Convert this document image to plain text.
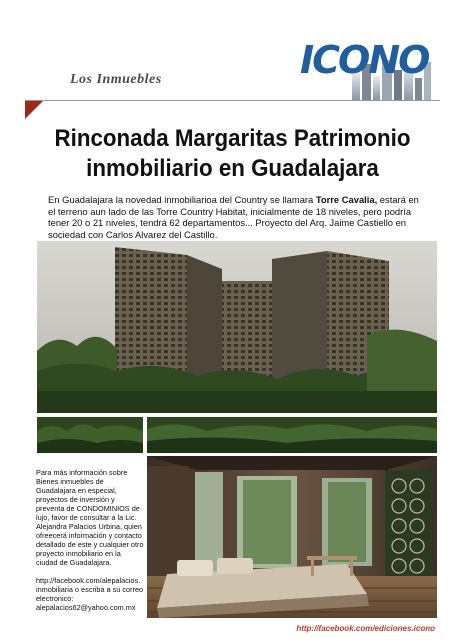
Los Inmuebles	ICONO
Rinconada Margaritas Patrimonio
inmobiliario en Guadalajara
En Guadalajara la novedad inmobiliarioa del Country se llamara Torre Cavalia, estará en el terreno aun lado de las Torre Country Habitat, inicialmente de 18 niveles, pero podría tener 20 o 21 niveles, tendrá 62 departamentos... Proyecto del Arq. Jaime Castiello en sociedad con Carlos Alvarez del Castillo.

Para más información sobre Bienes inmuebles de Guadalajara en especial, proyectos de inversión y preventa de CONDOMINIOS de lujo, favor de consultar a la Lic. Alejandra Palacios Urbina, quien ofreecerá información y contacto detallado de este y cualquier otro proyecto inmobiliario en la ciudad de Guadalajara.

http://facebook.com/alepalacios. inmobiliaria o escriba a su correo electronico: alepalacios62@yahoo.com.mx

http://facebook.com/ediciones.icono
